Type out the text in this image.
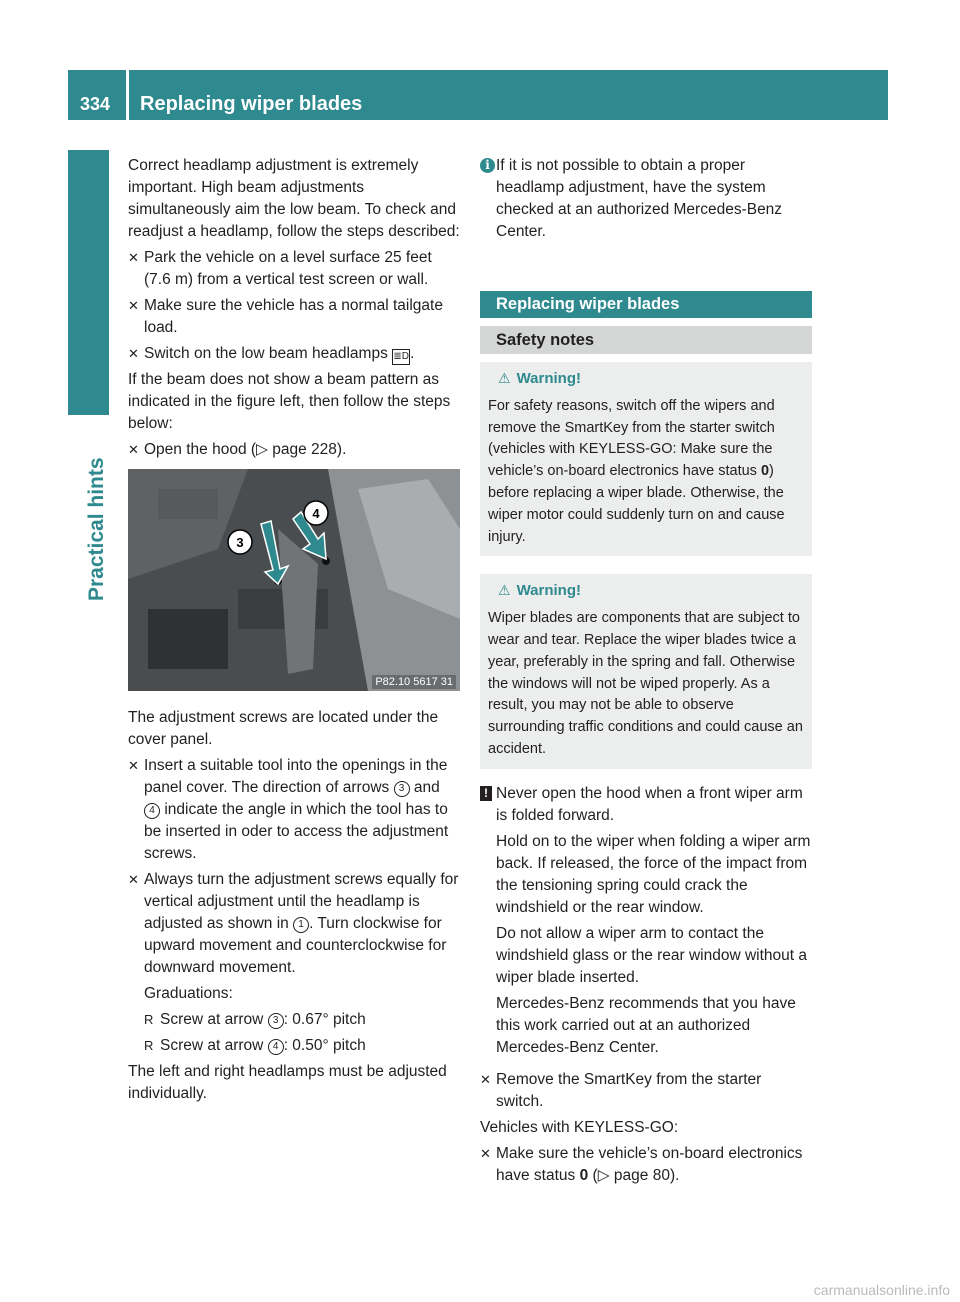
334	Replacing wiper blades
Practical hints

Correct headlamp adjustment is extremely important. High beam adjustments simultaneously aim the low beam. To check and readjust a headlamp, follow the steps described:

✕ Park the vehicle on a level surface 25 feet (7.6 m) from a vertical test screen or wall.
✕ Make sure the vehicle has a normal tailgate load.
✕ Switch on the low beam headlamps ≣D.

If the beam does not show a beam pattern as indicated in the figure left, then follow the steps below:

✕ Open the hood (▷ page 228).
3
4
P82.10 5617 31

The adjustment screws are located under the cover panel.

✕ Insert a suitable tool into the openings in the panel cover. The direction of arrows 3 and 4 indicate the angle in which the tool has to be inserted in oder to access the adjustment screws.
✕ Always turn the adjustment screws equally for vertical adjustment until the headlamp is adjusted as shown in 1 . Turn clockwise for upward movement and counterclockwise for downward movement.

Graduations:

R Screw at arrow 3 : 0.67° pitch
R Screw at arrow 4 : 0.50° pitch

The left and right headlamps must be adjusted individually.

i If it is not possible to obtain a proper headlamp adjustment, have the system checked at an authorized Mercedes-Benz Center.
Replacing wiper blades
Safety notes
⚠ Warning!
For safety reasons, switch off the wipers and remove the SmartKey from the starter switch (vehicles with KEYLESS-GO: Make sure the vehicle’s on-board electronics have status 0) before replacing a wiper blade. Otherwise, the wiper motor could suddenly turn on and cause injury.
⚠ Warning!
Wiper blades are components that are subject to wear and tear. Replace the wiper blades twice a year, preferably in the spring and fall. Otherwise the windows will not be wiped properly. As a result, you may not be able to observe surrounding traffic conditions and could cause an accident.
! Never open the hood when a front wiper arm is folded forward.

Hold on to the wiper when folding a wiper arm back. If released, the force of the impact from the tensioning spring could crack the windshield or the rear window.

Do not allow a wiper arm to contact the windshield glass or the rear window without a wiper blade inserted.

Mercedes-Benz recommends that you have this work carried out at an authorized Mercedes-Benz Center.

✕ Remove the SmartKey from the starter switch.

Vehicles with KEYLESS-GO:

✕ Make sure the vehicle’s on-board electronics have status 0 (▷ page 80).
carmanualsonline.info
